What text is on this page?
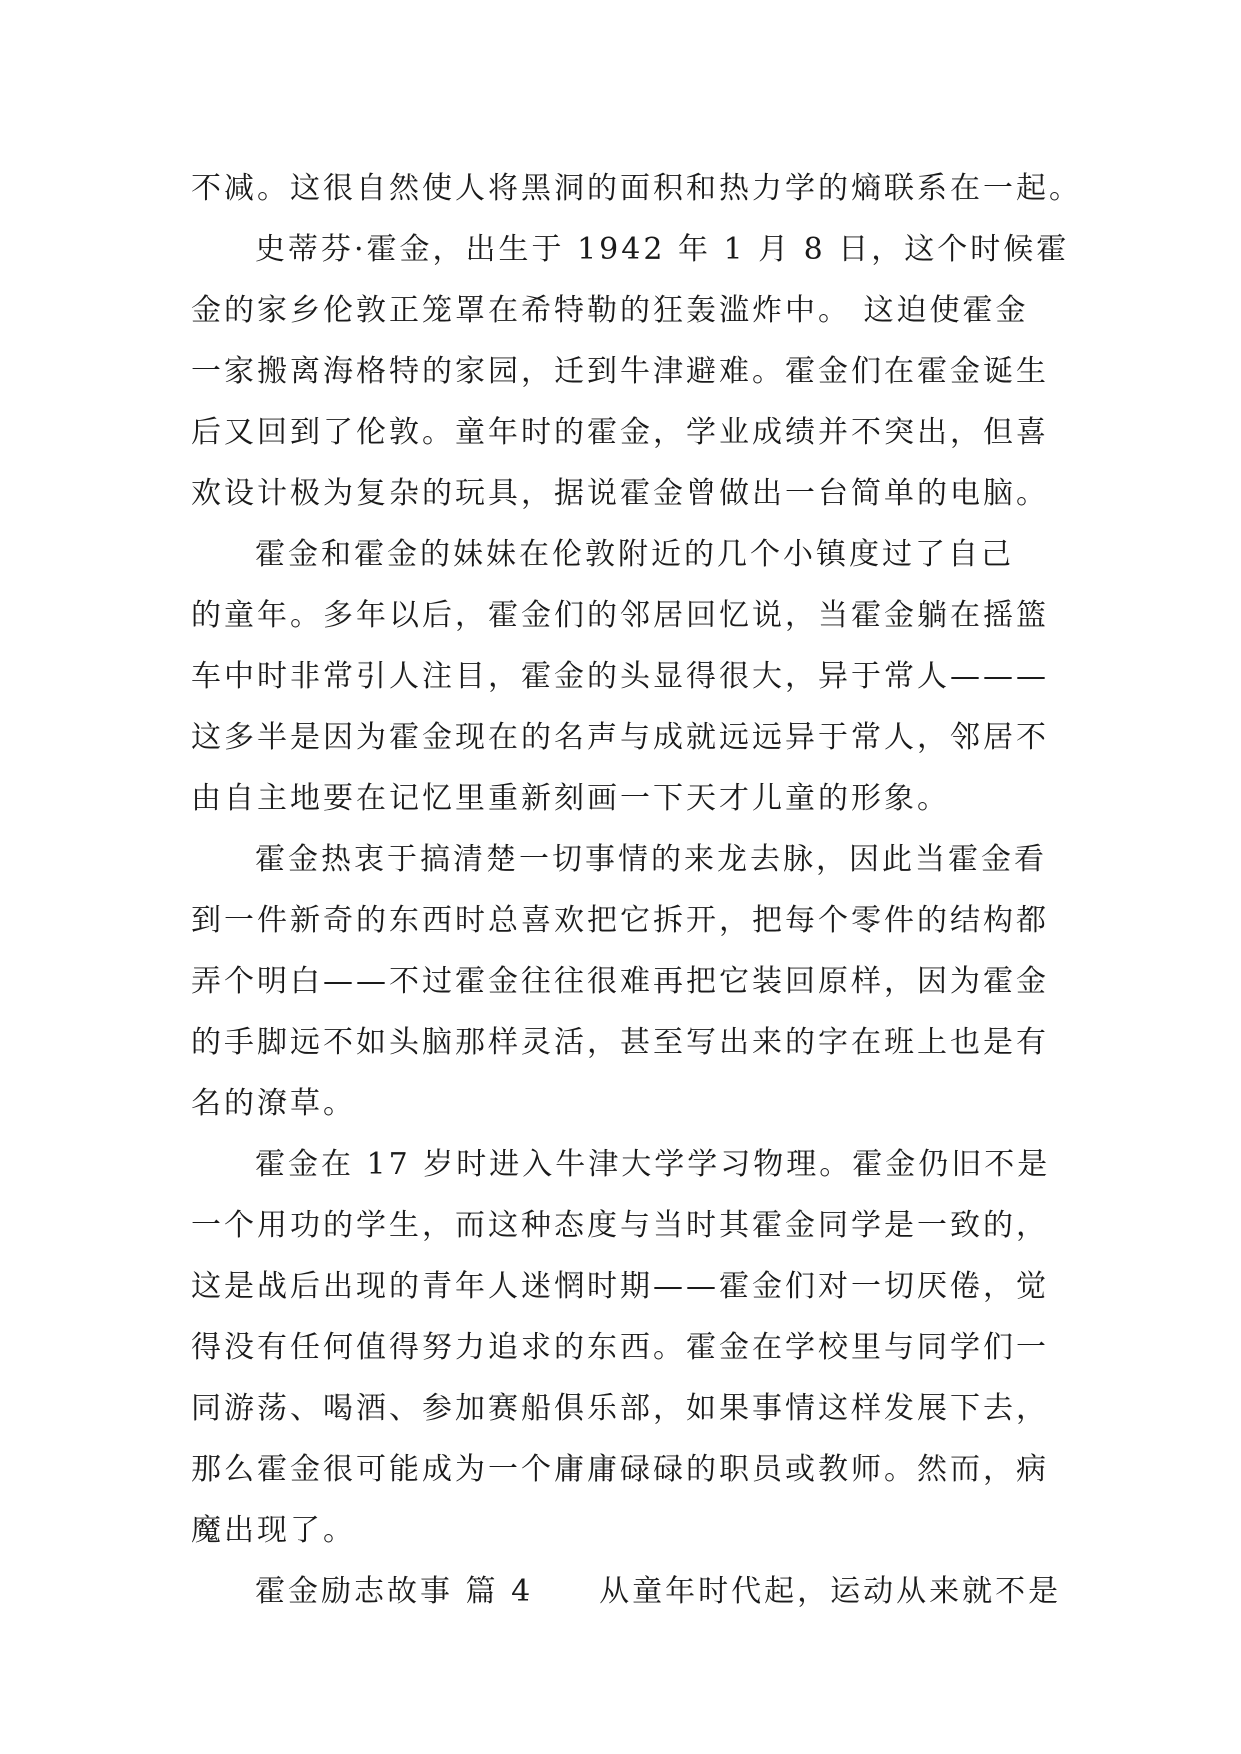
不减。这很自然使人将黑洞的面积和热力学的熵联系在一起。
史蒂芬·霍金，出生于 1942 年 1 月 8 日，这个时候霍
金的家乡伦敦正笼罩在希特勒的狂轰滥炸中。 这迫使霍金
一家搬离海格特的家园，迁到牛津避难。霍金们在霍金诞生
后又回到了伦敦。童年时的霍金，学业成绩并不突出，但喜
欢设计极为复杂的玩具，据说霍金曾做出一台简单的电脑。
霍金和霍金的妹妹在伦敦附近的几个小镇度过了自己
的童年。多年以后，霍金们的邻居回忆说，当霍金躺在摇篮
车中时非常引人注目，霍金的头显得很大，异于常人———
这多半是因为霍金现在的名声与成就远远异于常人，邻居不
由自主地要在记忆里重新刻画一下天才儿童的形象。
霍金热衷于搞清楚一切事情的来龙去脉，因此当霍金看
到一件新奇的东西时总喜欢把它拆开，把每个零件的结构都
弄个明白——不过霍金往往很难再把它装回原样，因为霍金
的手脚远不如头脑那样灵活，甚至写出来的字在班上也是有
名的潦草。
霍金在 17 岁时进入牛津大学学习物理。霍金仍旧不是
一个用功的学生，而这种态度与当时其霍金同学是一致的，
这是战后出现的青年人迷惘时期——霍金们对一切厌倦，觉
得没有任何值得努力追求的东西。霍金在学校里与同学们一
同游荡、喝酒、参加赛船俱乐部，如果事情这样发展下去，
那么霍金很可能成为一个庸庸碌碌的职员或教师。然而，病
魔出现了。
霍金励志故事 篇 4　　从童年时代起，运动从来就不是
